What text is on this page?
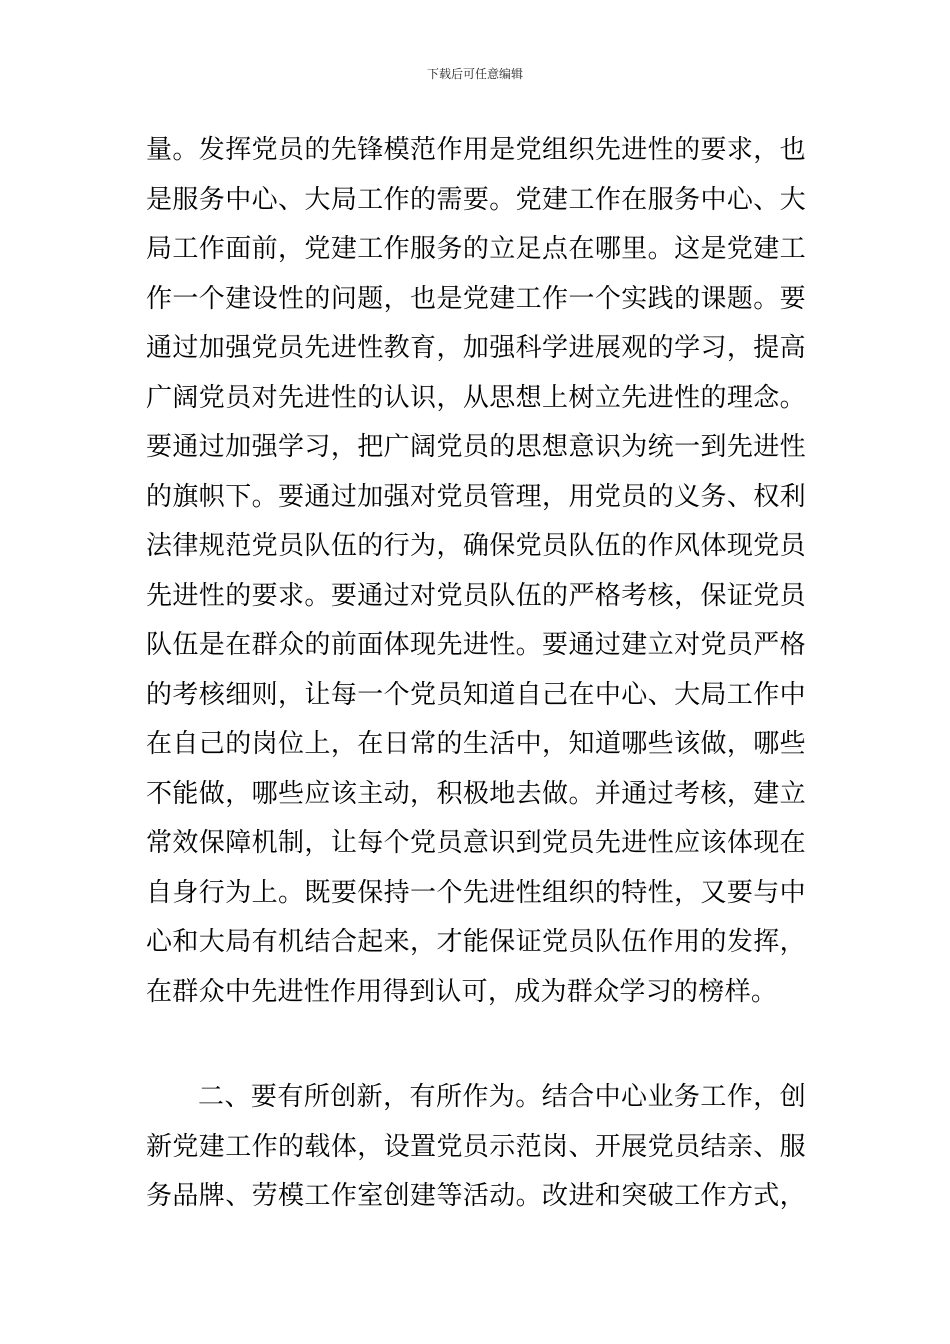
下载后可任意编辑
量。发挥党员的先锋模范作用是党组织先进性的要求，也
是服务中心、大局工作的需要。党建工作在服务中心、大
局工作面前，党建工作服务的立足点在哪里。这是党建工
作一个建设性的问题，也是党建工作一个实践的课题。要
通过加强党员先进性教育，加强科学进展观的学习，提高
广阔党员对先进性的认识，从思想上树立先进性的理念。
要通过加强学习，把广阔党员的思想意识为统一到先进性
的旗帜下。要通过加强对党员管理，用党员的义务、权利
法律规范党员队伍的行为，确保党员队伍的作风体现党员
先进性的要求。要通过对党员队伍的严格考核，保证党员
队伍是在群众的前面体现先进性。要通过建立对党员严格
的考核细则，让每一个党员知道自己在中心、大局工作中
在自己的岗位上，在日常的生活中，知道哪些该做，哪些
不能做，哪些应该主动，积极地去做。并通过考核，建立
常效保障机制，让每个党员意识到党员先进性应该体现在
自身行为上。既要保持一个先进性组织的特性，又要与中
心和大局有机结合起来，才能保证党员队伍作用的发挥，
在群众中先进性作用得到认可，成为群众学习的榜样。
二、要有所创新，有所作为。结合中心业务工作，创
新党建工作的载体，设置党员示范岗、开展党员结亲、服
务品牌、劳模工作室创建等活动。改进和突破工作方式，
